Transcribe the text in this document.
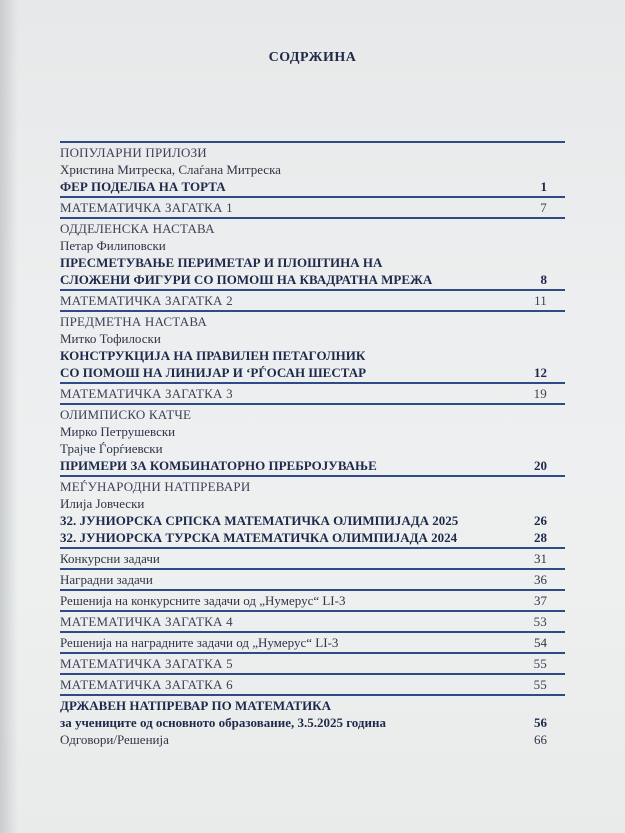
СОДРЖИНА
ПОПУЛАРНИ ПРИЛОЗИ
Христина Митреска, Слаѓана Митреска
ФЕР ПОДЕЛБА НА ТОРТА	1
МАТЕМАТИЧКА ЗАГАТКА 1	7
ОДДЕЛЕНСКА НАСТАВА
Петар Филиповски
ПРЕСМЕТУВАЊЕ ПЕРИМЕТАР И ПЛОШТИНА НА
СЛОЖЕНИ ФИГУРИ СО ПОМОШ НА КВАДРАТНА МРЕЖА	8
МАТЕМАТИЧКА ЗАГАТКА 2	11
ПРЕДМЕТНА НАСТАВА
Митко Тофилоски
КОНСТРУКЦИЈА НА ПРАВИЛЕН ПЕТАГОЛНИК
СО ПОМОШ НА ЛИНИЈАР И ‘РЃОСАН ШЕСТАР	12
МАТЕМАТИЧКА ЗАГАТКА 3	19
ОЛИМПИСКО КАТЧЕ
Мирко Петрушевски
Трајче Ѓорѓиевски
ПРИМЕРИ ЗА КОМБИНАТОРНО ПРЕБРОЈУВАЊЕ	20
МЕЃУНАРОДНИ НАТПРЕВАРИ
Илија Јовчески
32. ЈУНИОРСКА СРПСКА МАТЕМАТИЧКА ОЛИМПИЈАДА 2025	26
32. ЈУНИОРСКА ТУРСКА МАТЕМАТИЧКА ОЛИМПИЈАДА 2024	28
Конкурсни задачи	31
Наградни задачи	36
Решенија на конкурсните задачи од „Нумерус“ LI-3	37
МАТЕМАТИЧКА ЗАГАТКА 4	53
Решенија на наградните задачи од „Нумерус“ LI-3	54
МАТЕМАТИЧКА ЗАГАТКА 5	55
МАТЕМАТИЧКА ЗАГАТКА 6	55
ДРЖАВЕН НАТПРЕВАР ПО МАТЕМАТИКА
за учениците од основното образование, 3.5.2025 година	56
Одговори/Решенија	66
